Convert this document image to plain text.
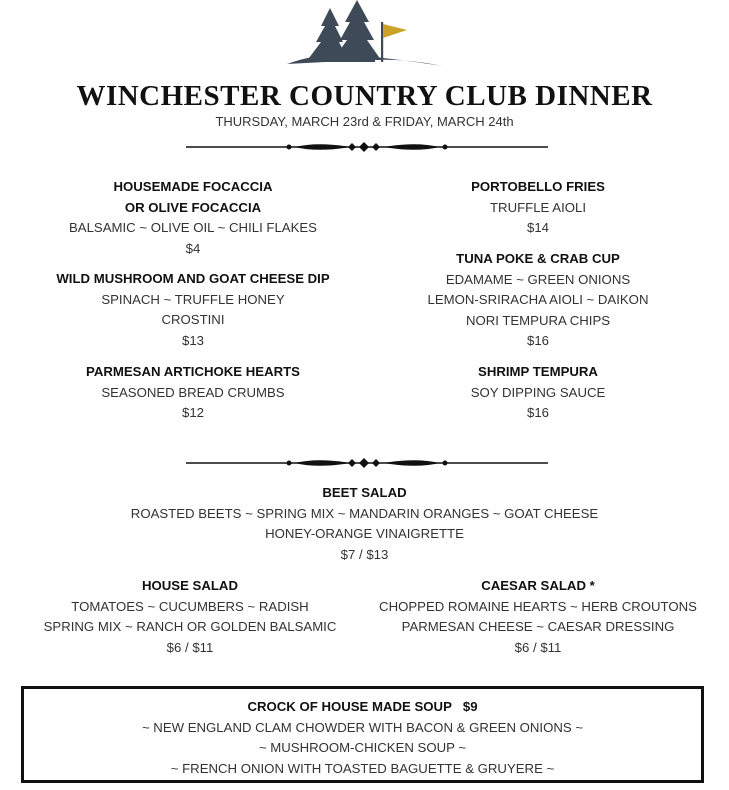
WINCHESTER COUNTRY CLUB DINNER
THURSDAY, MARCH 23rd & FRIDAY, MARCH 24th
HOUSEMADE FOCACCIA
OR OLIVE FOCACCIA
BALSAMIC ~ OLIVE OIL ~ CHILI FLAKES
$4
WILD MUSHROOM AND GOAT CHEESE DIP
SPINACH ~ TRUFFLE HONEY
CROSTINI
$13
PARMESAN ARTICHOKE HEARTS
SEASONED BREAD CRUMBS
$12
PORTOBELLO FRIES
TRUFFLE AIOLI
$14
TUNA POKE & CRAB CUP
EDAMAME ~ GREEN ONIONS
LEMON-SRIRACHA AIOLI ~ DAIKON
NORI TEMPURA CHIPS
$16
SHRIMP TEMPURA
SOY DIPPING SAUCE
$16
BEET SALAD
ROASTED BEETS ~ SPRING MIX ~ MANDARIN ORANGES ~ GOAT CHEESE
HONEY-ORANGE VINAIGRETTE
$7 / $13
HOUSE SALAD
TOMATOES ~ CUCUMBERS ~ RADISH
SPRING MIX ~ RANCH OR GOLDEN BALSAMIC
$6 / $11
CAESAR SALAD *
CHOPPED ROMAINE HEARTS ~ HERB CROUTONS
PARMESAN CHEESE ~ CAESAR DRESSING
$6 / $11
CROCK OF HOUSE MADE SOUP $9
~ NEW ENGLAND CLAM CHOWDER WITH BACON & GREEN ONIONS ~
~ MUSHROOM-CHICKEN SOUP ~
~ FRENCH ONION WITH TOASTED BAGUETTE & GRUYERE ~
